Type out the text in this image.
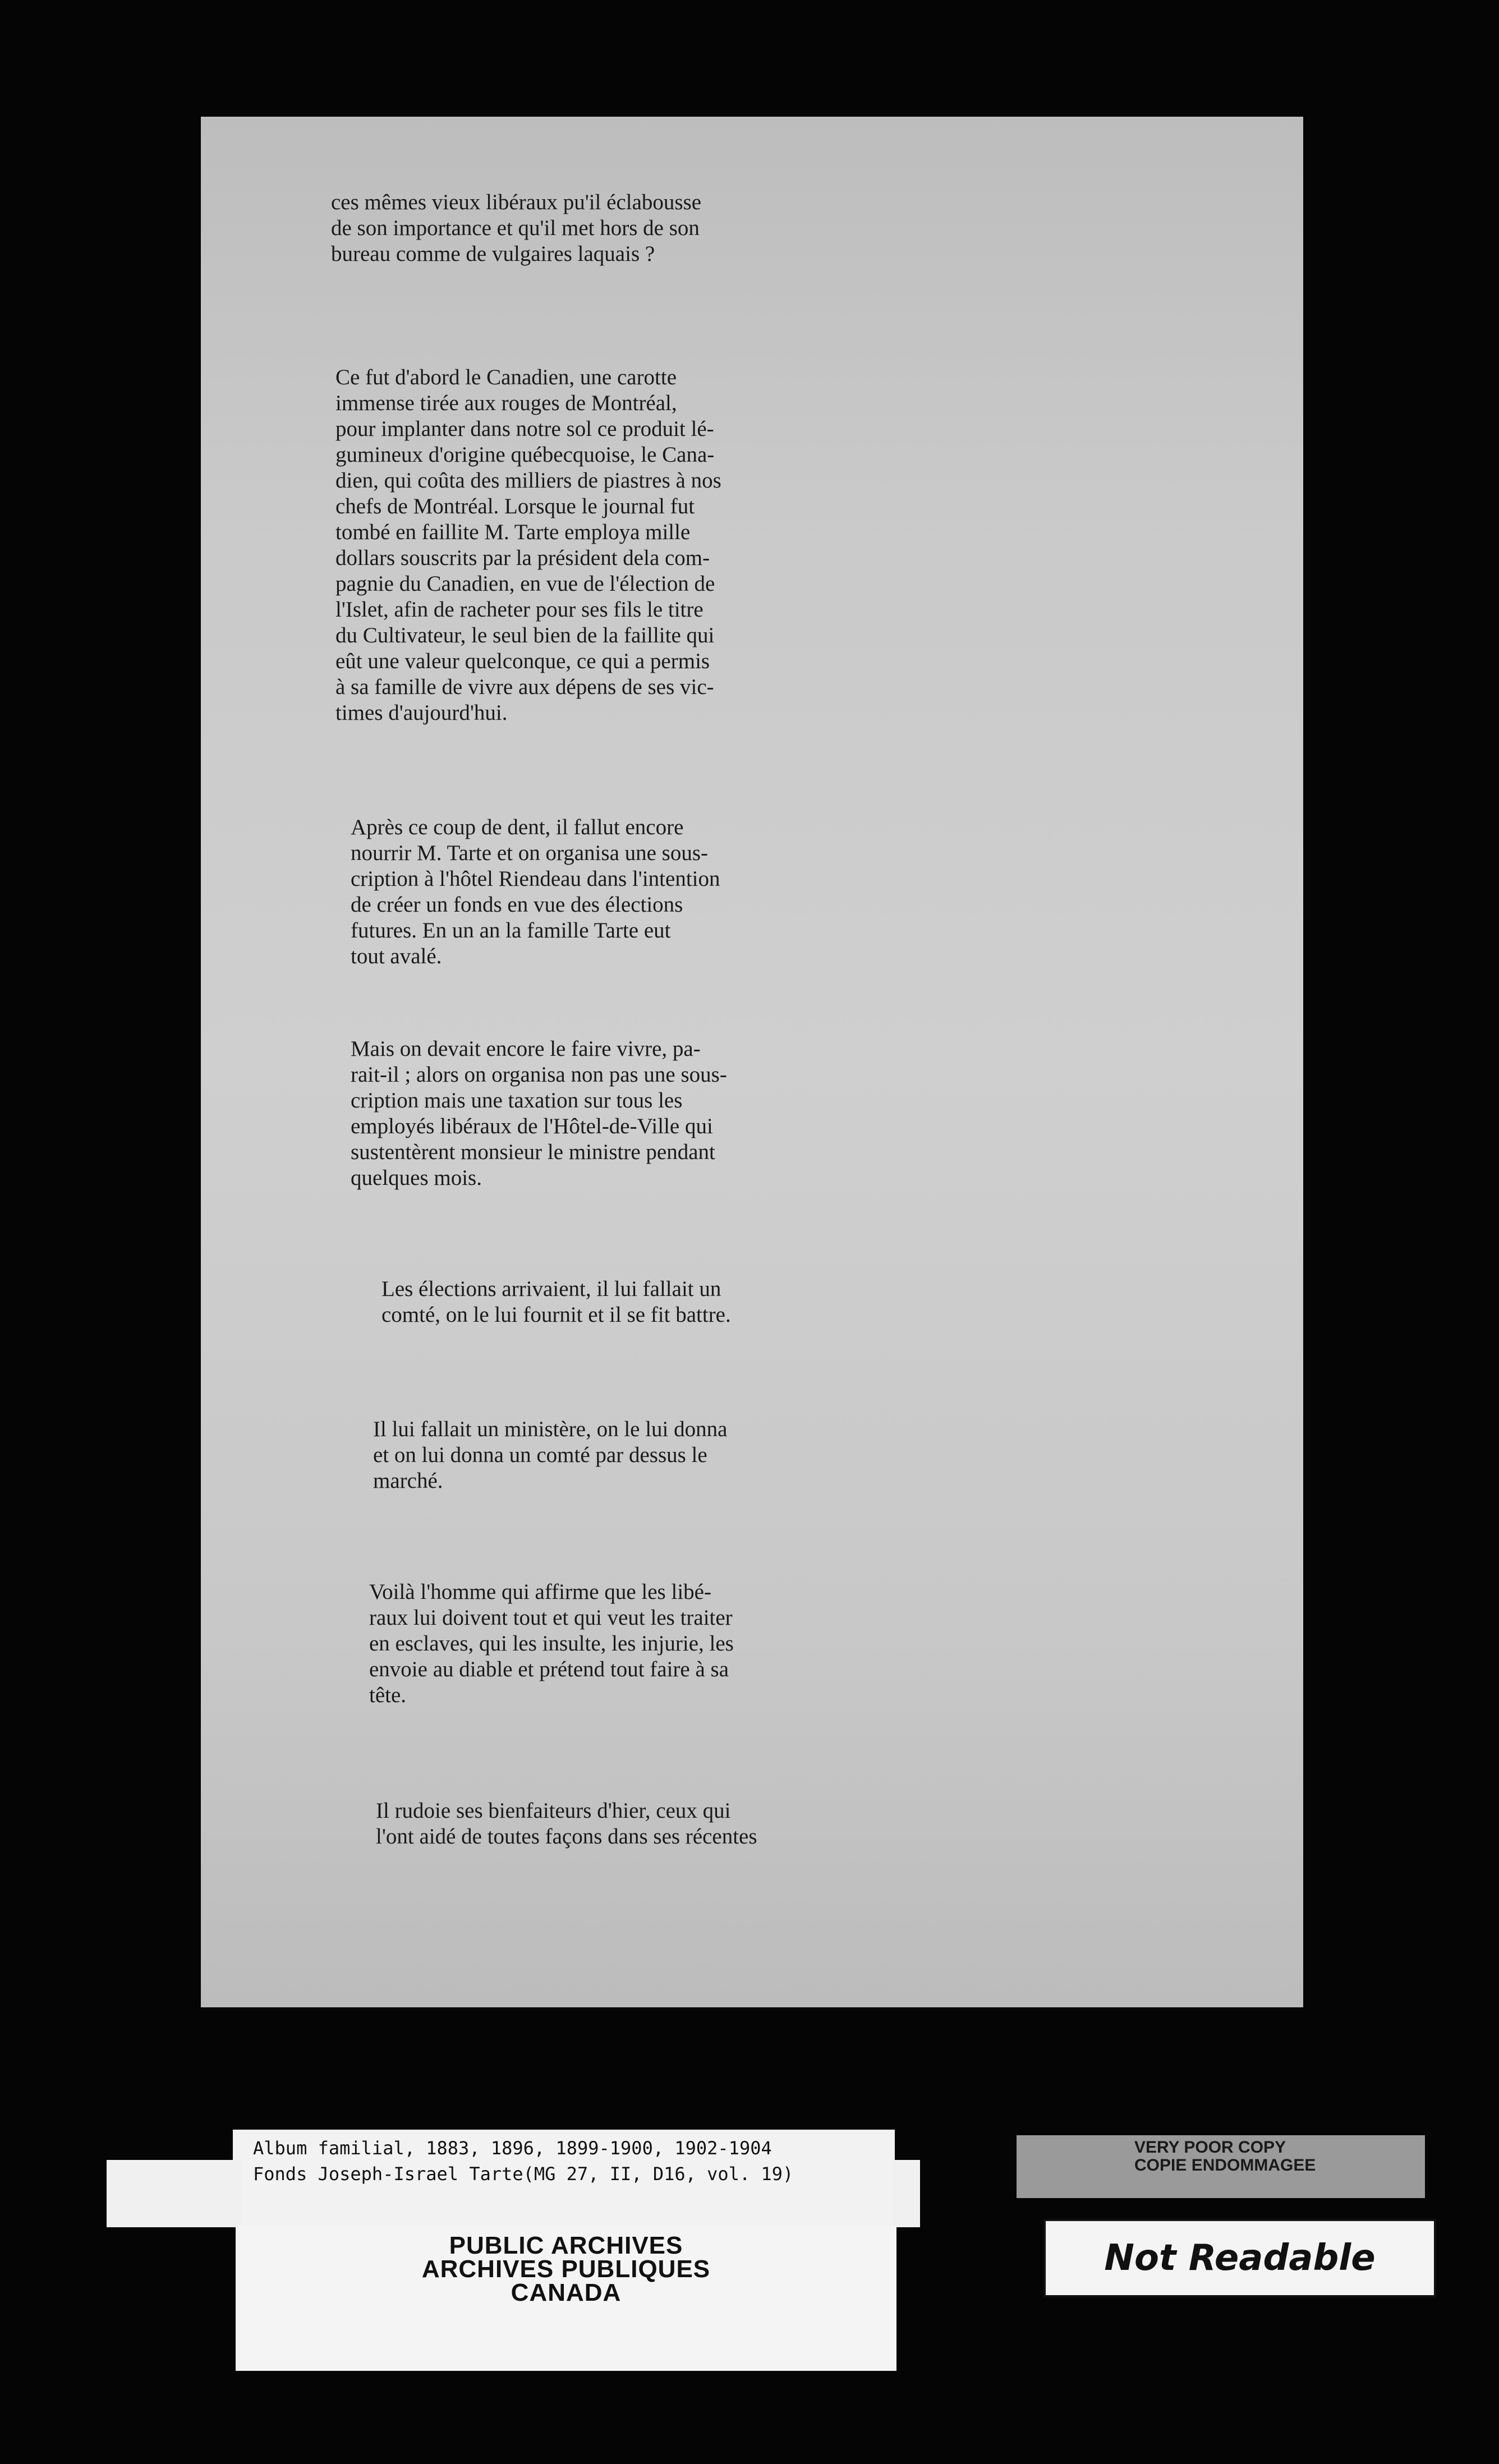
ces mêmes vieux libéraux pu'il éclabousse
de son importance et qu'il met hors de son
bureau comme de vulgaires laquais ?
Ce fut d'abord le Canadien, une carotte
immense tirée aux rouges de Montréal,
pour implanter dans notre sol ce produit lé-
gumineux d'origine québecquoise, le Cana-
dien, qui coûta des milliers de piastres à nos
chefs de Montréal. Lorsque le journal fut
tombé en faillite M. Tarte employa mille
dollars souscrits par la président dela com-
pagnie du Canadien, en vue de l'élection de
l'Islet, afin de racheter pour ses fils le titre
du Cultivateur, le seul bien de la faillite qui
eût une valeur quelconque, ce qui a permis
à sa famille de vivre aux dépens de ses vic-
times d'aujourd'hui.
Après ce coup de dent, il fallut encore
nourrir M. Tarte et on organisa une sous-
cription à l'hôtel Riendeau dans l'intention
de créer un fonds en vue des élections
futures. En un an la famille Tarte eut
tout avalé.
Mais on devait encore le faire vivre, pa-
rait-il ; alors on organisa non pas une sous-
cription mais une taxation sur tous les
employés libéraux de l'Hôtel-de-Ville qui
sustentèrent monsieur le ministre pendant
quelques mois.
Les élections arrivaient, il lui fallait un
comté, on le lui fournit et il se fit battre.
Il lui fallait un ministère, on le lui donna
et on lui donna un comté par dessus le
marché.
Voilà l'homme qui affirme que les libé-
raux lui doivent tout et qui veut les traiter
en esclaves, qui les insulte, les injurie, les
envoie au diable et prétend tout faire à sa
tête.
Il rudoie ses bienfaiteurs d'hier, ceux qui
l'ont aidé de toutes façons dans ses récentes
Album familial, 1883, 1896, 1899-1900, 1902-1904
Fonds Joseph-Israel Tarte(MG 27, II, D16, vol. 19)
PUBLIC ARCHIVES
ARCHIVES PUBLIQUES
CANADA
VERY POOR COPY
COPIE ENDOMMAGEE
Not Readable
